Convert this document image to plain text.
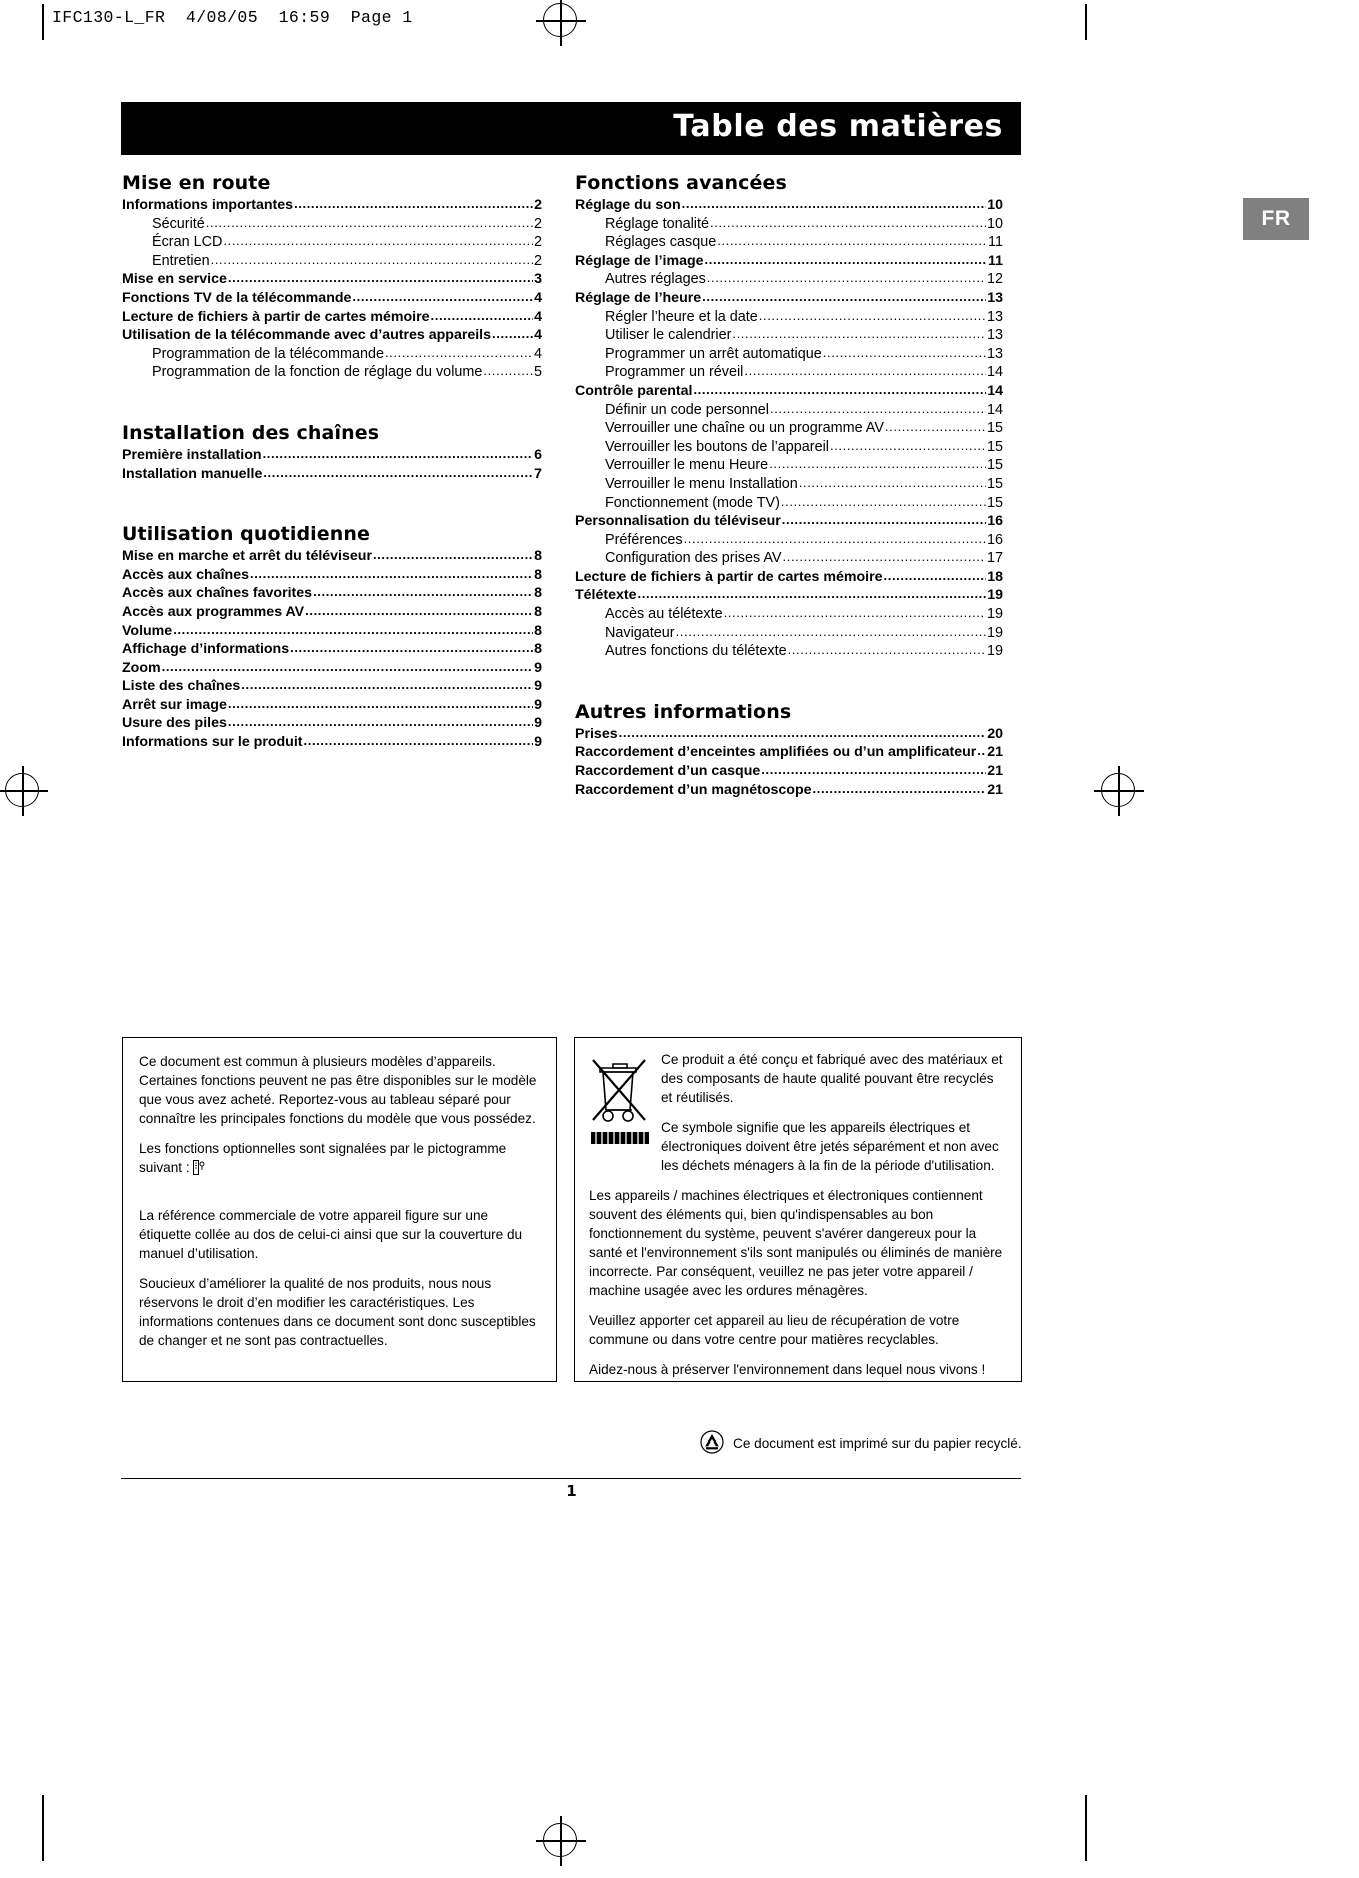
IFC130-L_FR  4/08/05  16:59  Page 1
Table des matières
FR
Mise en route
Informations importantes .....	2
Sécurité .....	2
Écran LCD .....	2
Entretien .....	2
Mise en service .....	3
Fonctions TV de la télécommande .....	4
Lecture de fichiers à partir de cartes mémoire .....	4
Utilisation de la télécommande avec d’autres appareils .....	4
Programmation de la télécommande .....	4
Programmation de la fonction de réglage du volume .....	5
Installation des chaînes
Première installation .....	6
Installation manuelle .....	7
Utilisation quotidienne
Mise en marche et arrêt du téléviseur .....	8
Accès aux chaînes .....	8
Accès aux chaînes favorites .....	8
Accès aux programmes AV .....	8
Volume .....	8
Affichage d’informations .....	8
Zoom .....	9
Liste des chaînes .....	9
Arrêt sur image .....	9
Usure des piles .....	9
Informations sur le produit .....	9
Fonctions avancées
Réglage du son .....	10
Réglage tonalité .....	10
Réglages casque .....	11
Réglage de l’image .....	11
Autres réglages .....	12
Réglage de l’heure .....	13
Régler l’heure et la date .....	13
Utiliser le calendrier .....	13
Programmer un arrêt automatique .....	13
Programmer un réveil .....	14
Contrôle parental .....	14
Définir un code personnel .....	14
Verrouiller une chaîne ou un programme AV .....	15
Verrouiller les boutons de l’appareil .....	15
Verrouiller le menu Heure .....	15
Verrouiller le menu Installation .....	15
Fonctionnement (mode TV) .....	15
Personnalisation du téléviseur .....	16
Préférences .....	16
Configuration des prises AV .....	17
Lecture de fichiers à partir de cartes mémoire .....	18
Télétexte .....	19
Accès au télétexte .....	19
Navigateur .....	19
Autres fonctions du télétexte .....	19
Autres informations
Prises .....	20
Raccordement d’enceintes amplifiées ou d’un amplificateur ..... 21
Raccordement d’un casque .....	21
Raccordement d’un magnétoscope .....	21

Ce document est commun à plusieurs modèles d’appareils. Certaines fonctions peuvent ne pas être disponibles sur le modèle que vous avez acheté. Reportez-vous au tableau séparé pour connaître les principales fonctions du modèle que vous possédez.

Les fonctions optionnelles sont signalées par le pictogramme suivant :

La référence commerciale de votre appareil figure sur une étiquette collée au dos de celui-ci ainsi que sur la couverture du manuel d’utilisation.

Soucieux d’améliorer la qualité de nos produits, nous nous réservons le droit d’en modifier les caractéristiques. Les informations contenues dans ce document sont donc susceptibles de changer et ne sont pas contractuelles.

Ce produit a été conçu et fabriqué avec des matériaux et des composants de haute qualité pouvant être recyclés et réutilisés.

Ce symbole signifie que les appareils électriques et électroniques doivent être jetés séparément et non avec les déchets ménagers à la fin de la période d'utilisation.

Les appareils / machines électriques et électroniques contiennent souvent des éléments qui, bien qu'indispensables au bon fonctionnement du système, peuvent s'avérer dangereux pour la santé et l'environnement s'ils sont manipulés ou éliminés de manière incorrecte. Par conséquent, veuillez ne pas jeter votre appareil / machine usagée avec les ordures ménagères.

Veuillez apporter cet appareil au lieu de récupération de votre commune ou dans votre centre pour matières recyclables.

Aidez-nous à préserver l'environnement dans lequel nous vivons !

Ce document est imprimé sur du papier recyclé.
1
